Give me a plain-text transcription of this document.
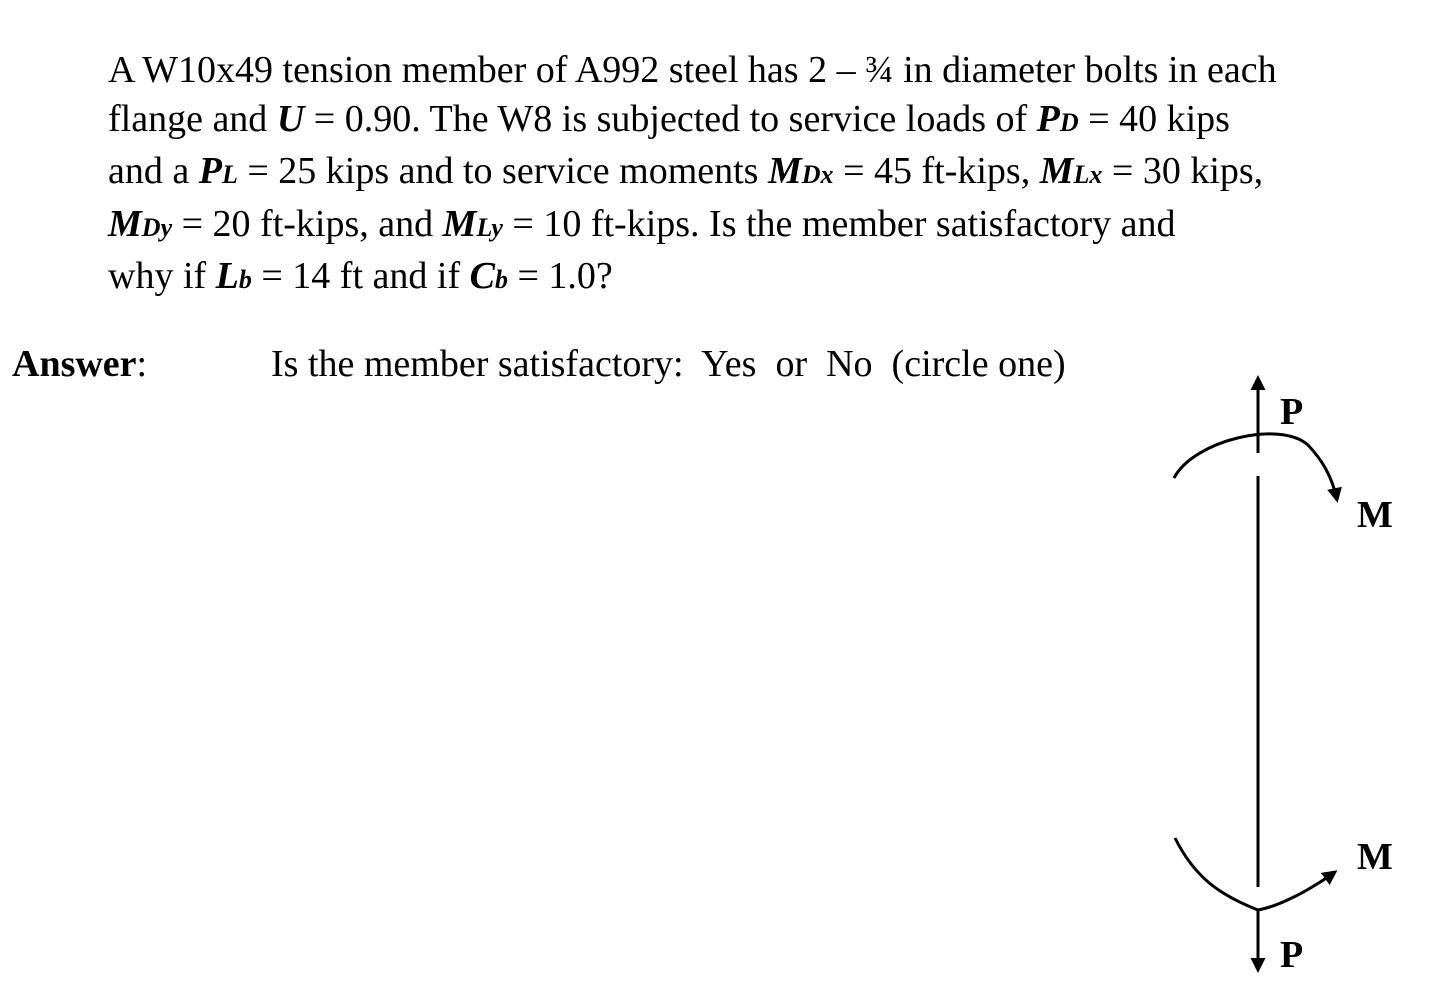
A W10x49 tension member of A992 steel has 2 – ¾ in diameter bolts in each
flange and U = 0.90. The W8 is subjected to service loads of PD = 40 kips
and a PL = 25 kips and to service moments MDx = 45 ft-kips, MLx = 30 kips,
MDy = 20 ft-kips, and MLy = 10 ft-kips. Is the member satisfactory and
why if Lb = 14 ft and if Cb = 1.0?
Answer:	Is the member satisfactory:  Yes  or  No  (circle one)
P
M
M
P
